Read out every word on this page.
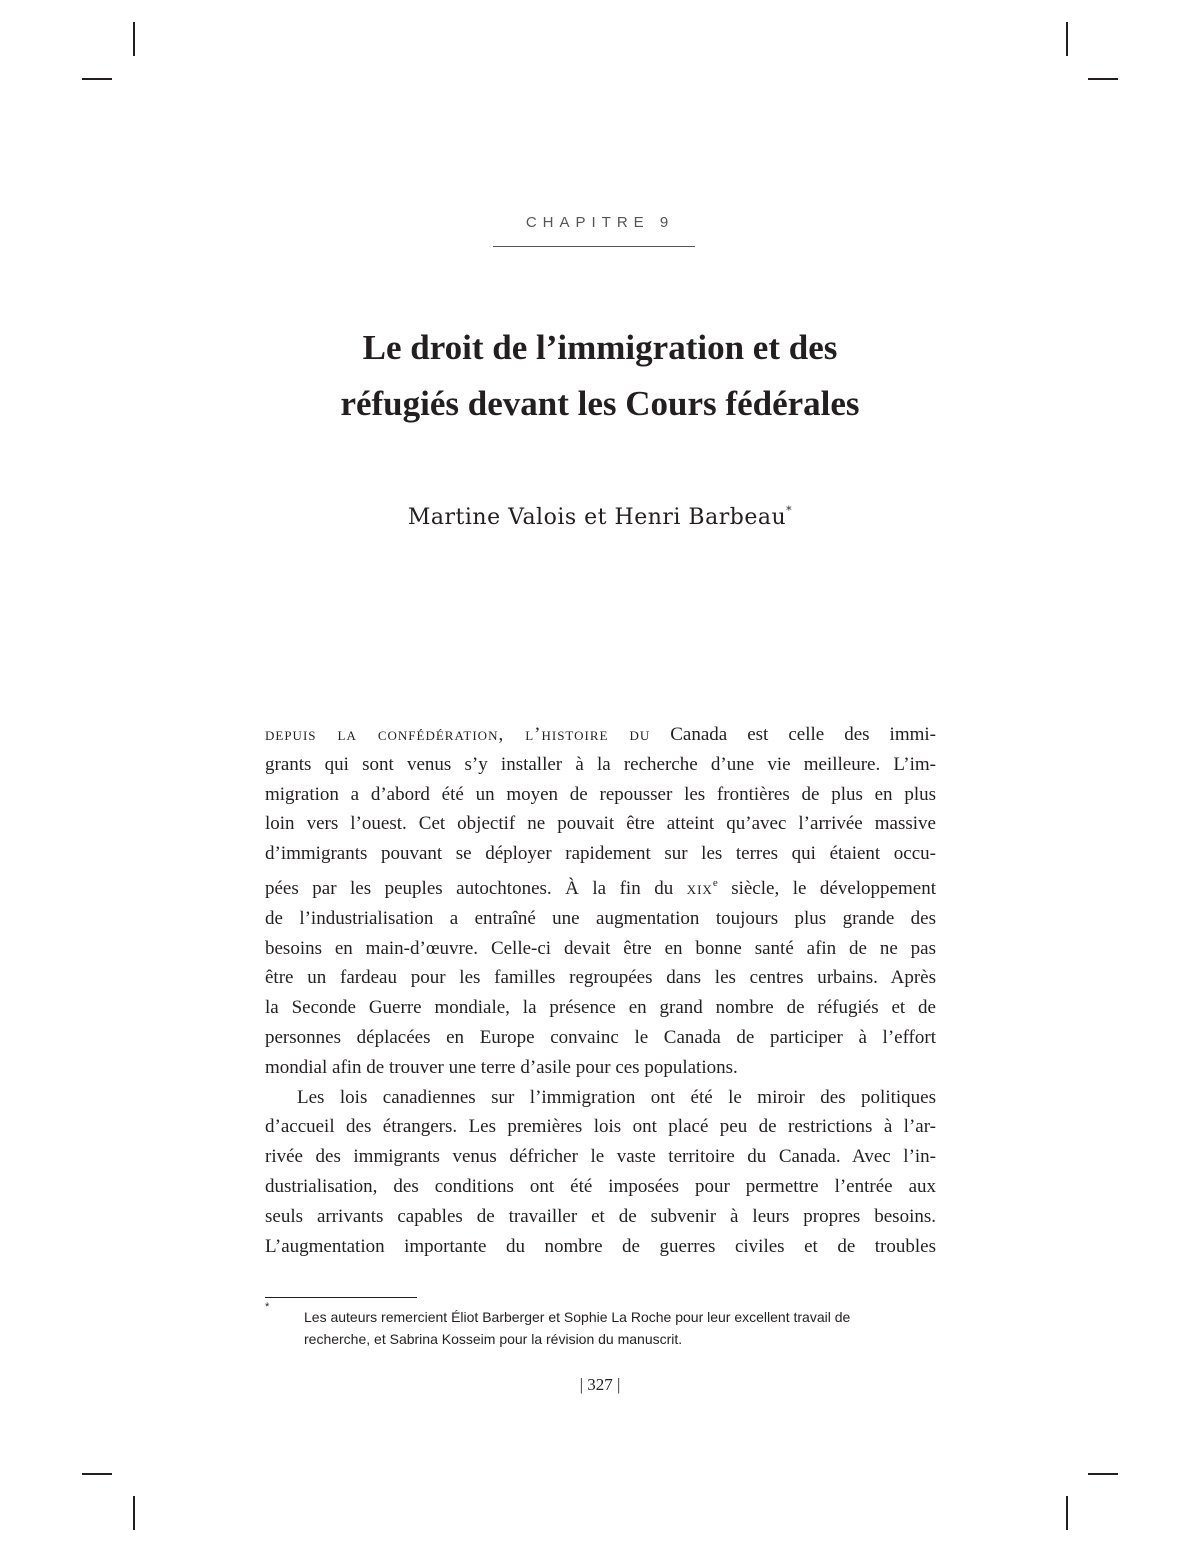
CHAPITRE 9
Le droit de l’immigration et des
réfugiés devant les Cours fédérales
Martine Valois et Henri Barbeau*

depuis la confédération, l’histoire du Canada est celle des immi-

grants qui sont venus s’y installer à la recherche d’une vie meilleure. L’im-

migration a d’abord été un moyen de repousser les frontières de plus en plus

loin vers l’ouest. Cet objectif ne pouvait être atteint qu’avec l’arrivée massive

d’immigrants pouvant se déployer rapidement sur les terres qui étaient occu-

pées par les peuples autochtones. À la fin du xix$^e$ siècle, le développement

de l’industrialisation a entraîné une augmentation toujours plus grande des

besoins en main-d’œuvre. Celle-ci devait être en bonne santé afin de ne pas

être un fardeau pour les familles regroupées dans les centres urbains. Après

la Seconde Guerre mondiale, la présence en grand nombre de réfugiés et de

personnes déplacées en Europe convainc le Canada de participer à l’effort

mondial afin de trouver une terre d’asile pour ces populations.

Les lois canadiennes sur l’immigration ont été le miroir des politiques

d’accueil des étrangers. Les premières lois ont placé peu de restrictions à l’ar-

rivée des immigrants venus défricher le vaste territoire du Canada. Avec l’in-

dustrialisation, des conditions ont été imposées pour permettre l’entrée aux

seuls arrivants capables de travailler et de subvenir à leurs propres besoins.

L’augmentation importante du nombre de guerres civiles et de troubles

*
Les auteurs remercient Éliot Barberger et Sophie La Roche pour leur excellent travail de
recherche, et Sabrina Kosseim pour la révision du manuscrit.
| 327 |
